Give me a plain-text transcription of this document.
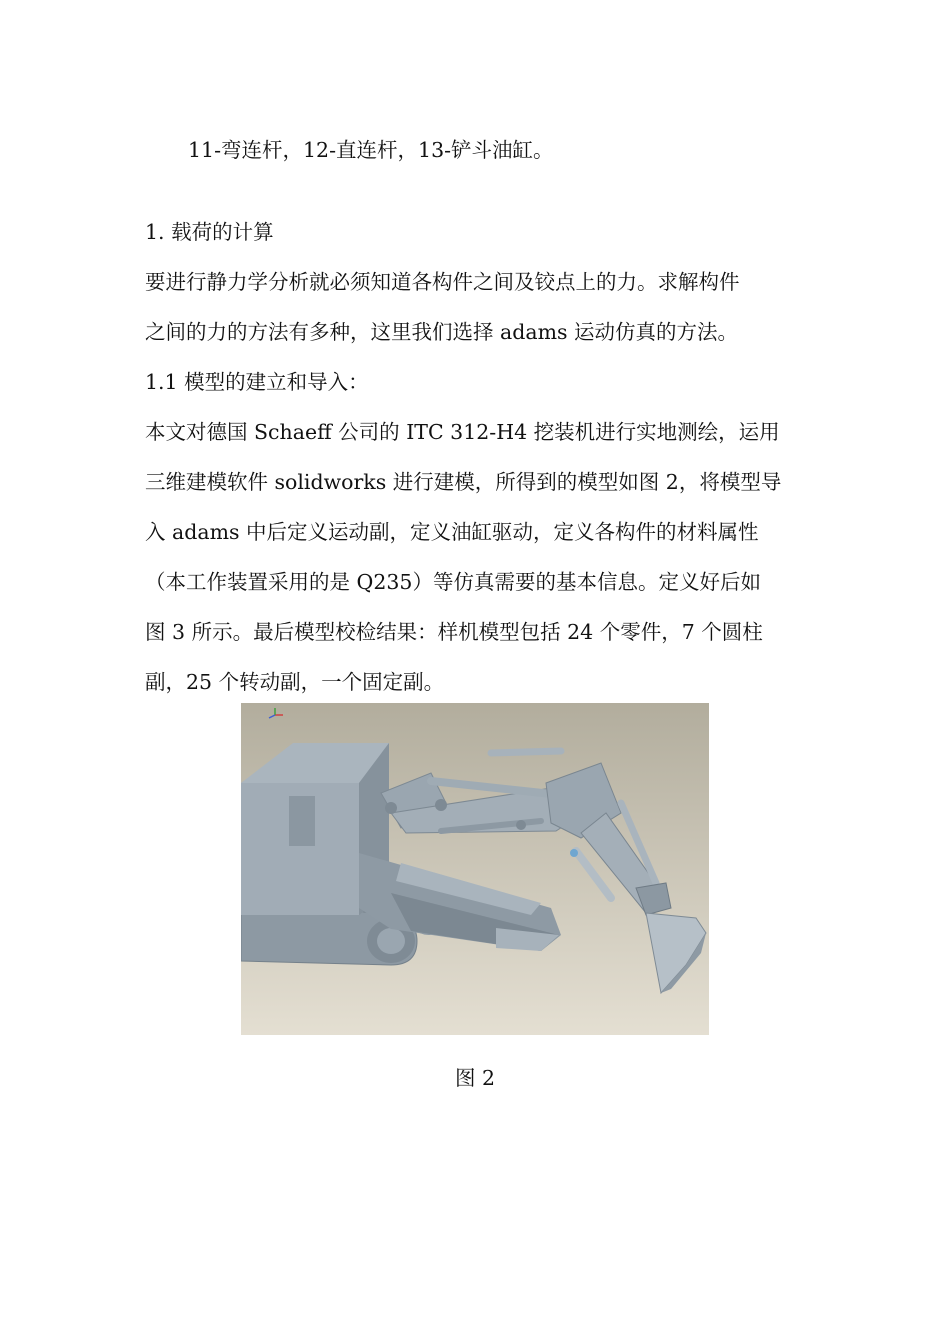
11-弯连杆，12-直连杆，13-铲斗油缸。
1. 载荷的计算
要进行静力学分析就必须知道各构件之间及铰点上的力。求解构件
之间的力的方法有多种，这里我们选择 adams 运动仿真的方法。
1.1 模型的建立和导入：
本文对德国 Schaeff 公司的 ITC 312-H4 挖装机进行实地测绘，运用
三维建模软件 solidworks 进行建模，所得到的模型如图 2，将模型导
入 adams 中后定义运动副，定义油缸驱动，定义各构件的材料属性
（本工作装置采用的是 Q235）等仿真需要的基本信息。定义好后如
图 3 所示。最后模型校检结果：样机模型包括 24 个零件，7 个圆柱
副，25 个转动副，一个固定副。
图 2
